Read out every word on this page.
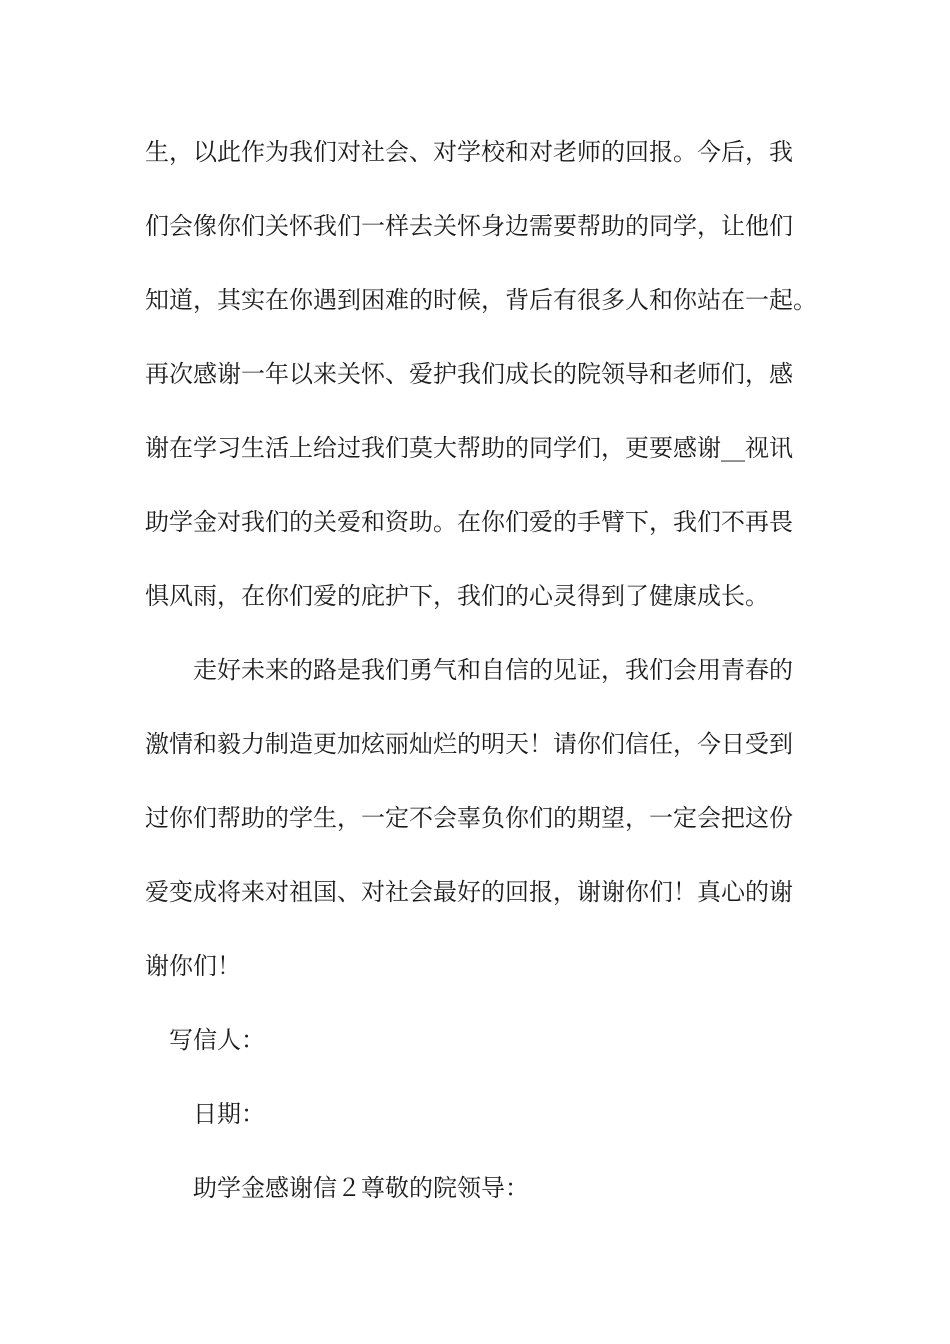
生，以此作为我们对社会、对学校和对老师的回报。今后，我
们会像你们关怀我们一样去关怀身边需要帮助的同学，让他们
知道，其实在你遇到困难的时候，背后有很多人和你站在一起。
再次感谢一年以来关怀、爱护我们成长的院领导和老师们，感
谢在学习生活上给过我们莫大帮助的同学们，更要感谢__视讯
助学金对我们的关爱和资助。在你们爱的手臂下，我们不再畏
惧风雨，在你们爱的庇护下，我们的心灵得到了健康成长。
走好未来的路是我们勇气和自信的见证，我们会用青春的
激情和毅力制造更加炫丽灿烂的明天！请你们信任，今日受到
过你们帮助的学生，一定不会辜负你们的期望，一定会把这份
爱变成将来对祖国、对社会最好的回报，谢谢你们！真心的谢
谢你们！
写信人：
日期：
助学金感谢信２尊敬的院领导：
